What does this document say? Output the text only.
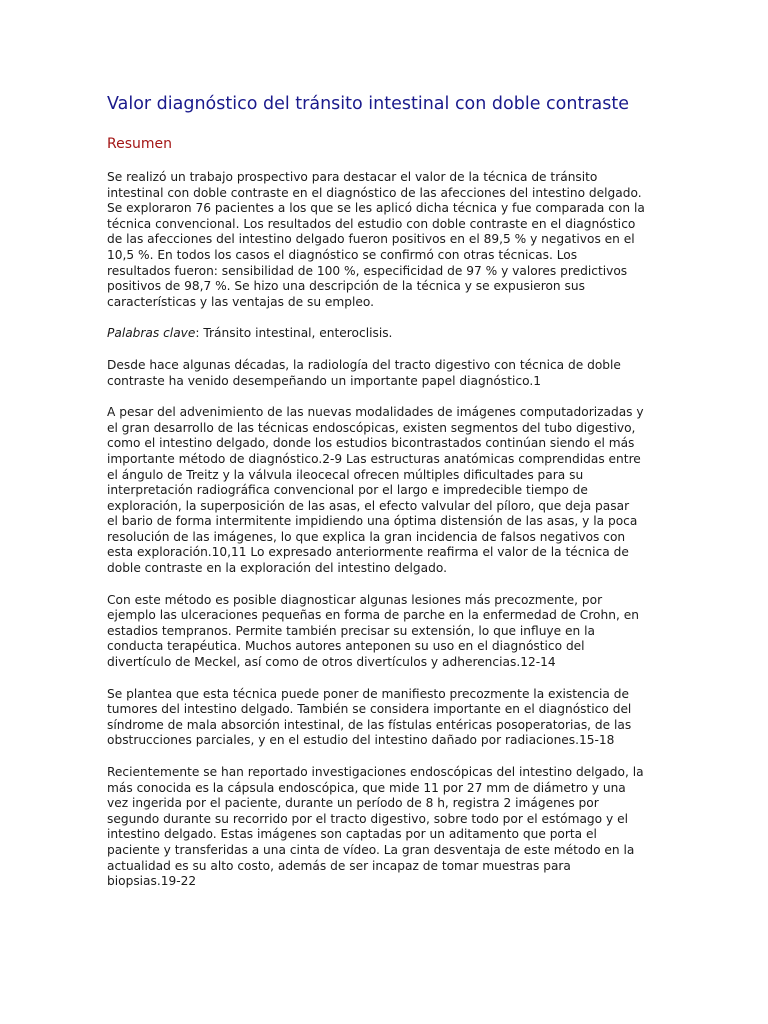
Valor diagnóstico del tránsito intestinal con doble contraste
Resumen

Se realizó un trabajo prospectivo para destacar el valor de la técnica de tránsito
intestinal con doble contraste en el diagnóstico de las afecciones del intestino delgado.
Se exploraron 76 pacientes a los que se les aplicó dicha técnica y fue comparada con la
técnica convencional. Los resultados del estudio con doble contraste en el diagnóstico
de las afecciones del intestino delgado fueron positivos en el 89,5 % y negativos en el
10,5 %. En todos los casos el diagnóstico se confirmó con otras técnicas. Los
resultados fueron: sensibilidad de 100 %, especificidad de 97 % y valores predictivos
positivos de 98,7 %. Se hizo una descripción de la técnica y se expusieron sus
características y las ventajas de su empleo.

Palabras clave: Tránsito intestinal, enteroclisis.

Desde hace algunas décadas, la radiología del tracto digestivo con técnica de doble
contraste ha venido desempeñando un importante papel diagnóstico.1

A pesar del advenimiento de las nuevas modalidades de imágenes computadorizadas y
el gran desarrollo de las técnicas endoscópicas, existen segmentos del tubo digestivo,
como el intestino delgado, donde los estudios bicontrastados continúan siendo el más
importante método de diagnóstico.2-9 Las estructuras anatómicas comprendidas entre
el ángulo de Treitz y la válvula ileocecal ofrecen múltiples dificultades para su
interpretación radiográfica convencional por el largo e impredecible tiempo de
exploración, la superposición de las asas, el efecto valvular del píloro, que deja pasar
el bario de forma intermitente impidiendo una óptima distensión de las asas, y la poca
resolución de las imágenes, lo que explica la gran incidencia de falsos negativos con
esta exploración.10,11 Lo expresado anteriormente reafirma el valor de la técnica de
doble contraste en la exploración del intestino delgado.

Con este método es posible diagnosticar algunas lesiones más precozmente, por
ejemplo las ulceraciones pequeñas en forma de parche en la enfermedad de Crohn, en
estadios tempranos. Permite también precisar su extensión, lo que influye en la
conducta terapéutica. Muchos autores anteponen su uso en el diagnóstico del
divertículo de Meckel, así como de otros divertículos y adherencias.12-14

Se plantea que esta técnica puede poner de manifiesto precozmente la existencia de
tumores del intestino delgado. También se considera importante en el diagnóstico del
síndrome de mala absorción intestinal, de las fístulas entéricas posoperatorias, de las
obstrucciones parciales, y en el estudio del intestino dañado por radiaciones.15-18

Recientemente se han reportado investigaciones endoscópicas del intestino delgado, la
más conocida es la cápsula endoscópica, que mide 11 por 27 mm de diámetro y una
vez ingerida por el paciente, durante un período de 8 h, registra 2 imágenes por
segundo durante su recorrido por el tracto digestivo, sobre todo por el estómago y el
intestino delgado. Estas imágenes son captadas por un aditamento que porta el
paciente y transferidas a una cinta de vídeo. La gran desventaja de este método en la
actualidad es su alto costo, además de ser incapaz de tomar muestras para
biopsias.19-22
